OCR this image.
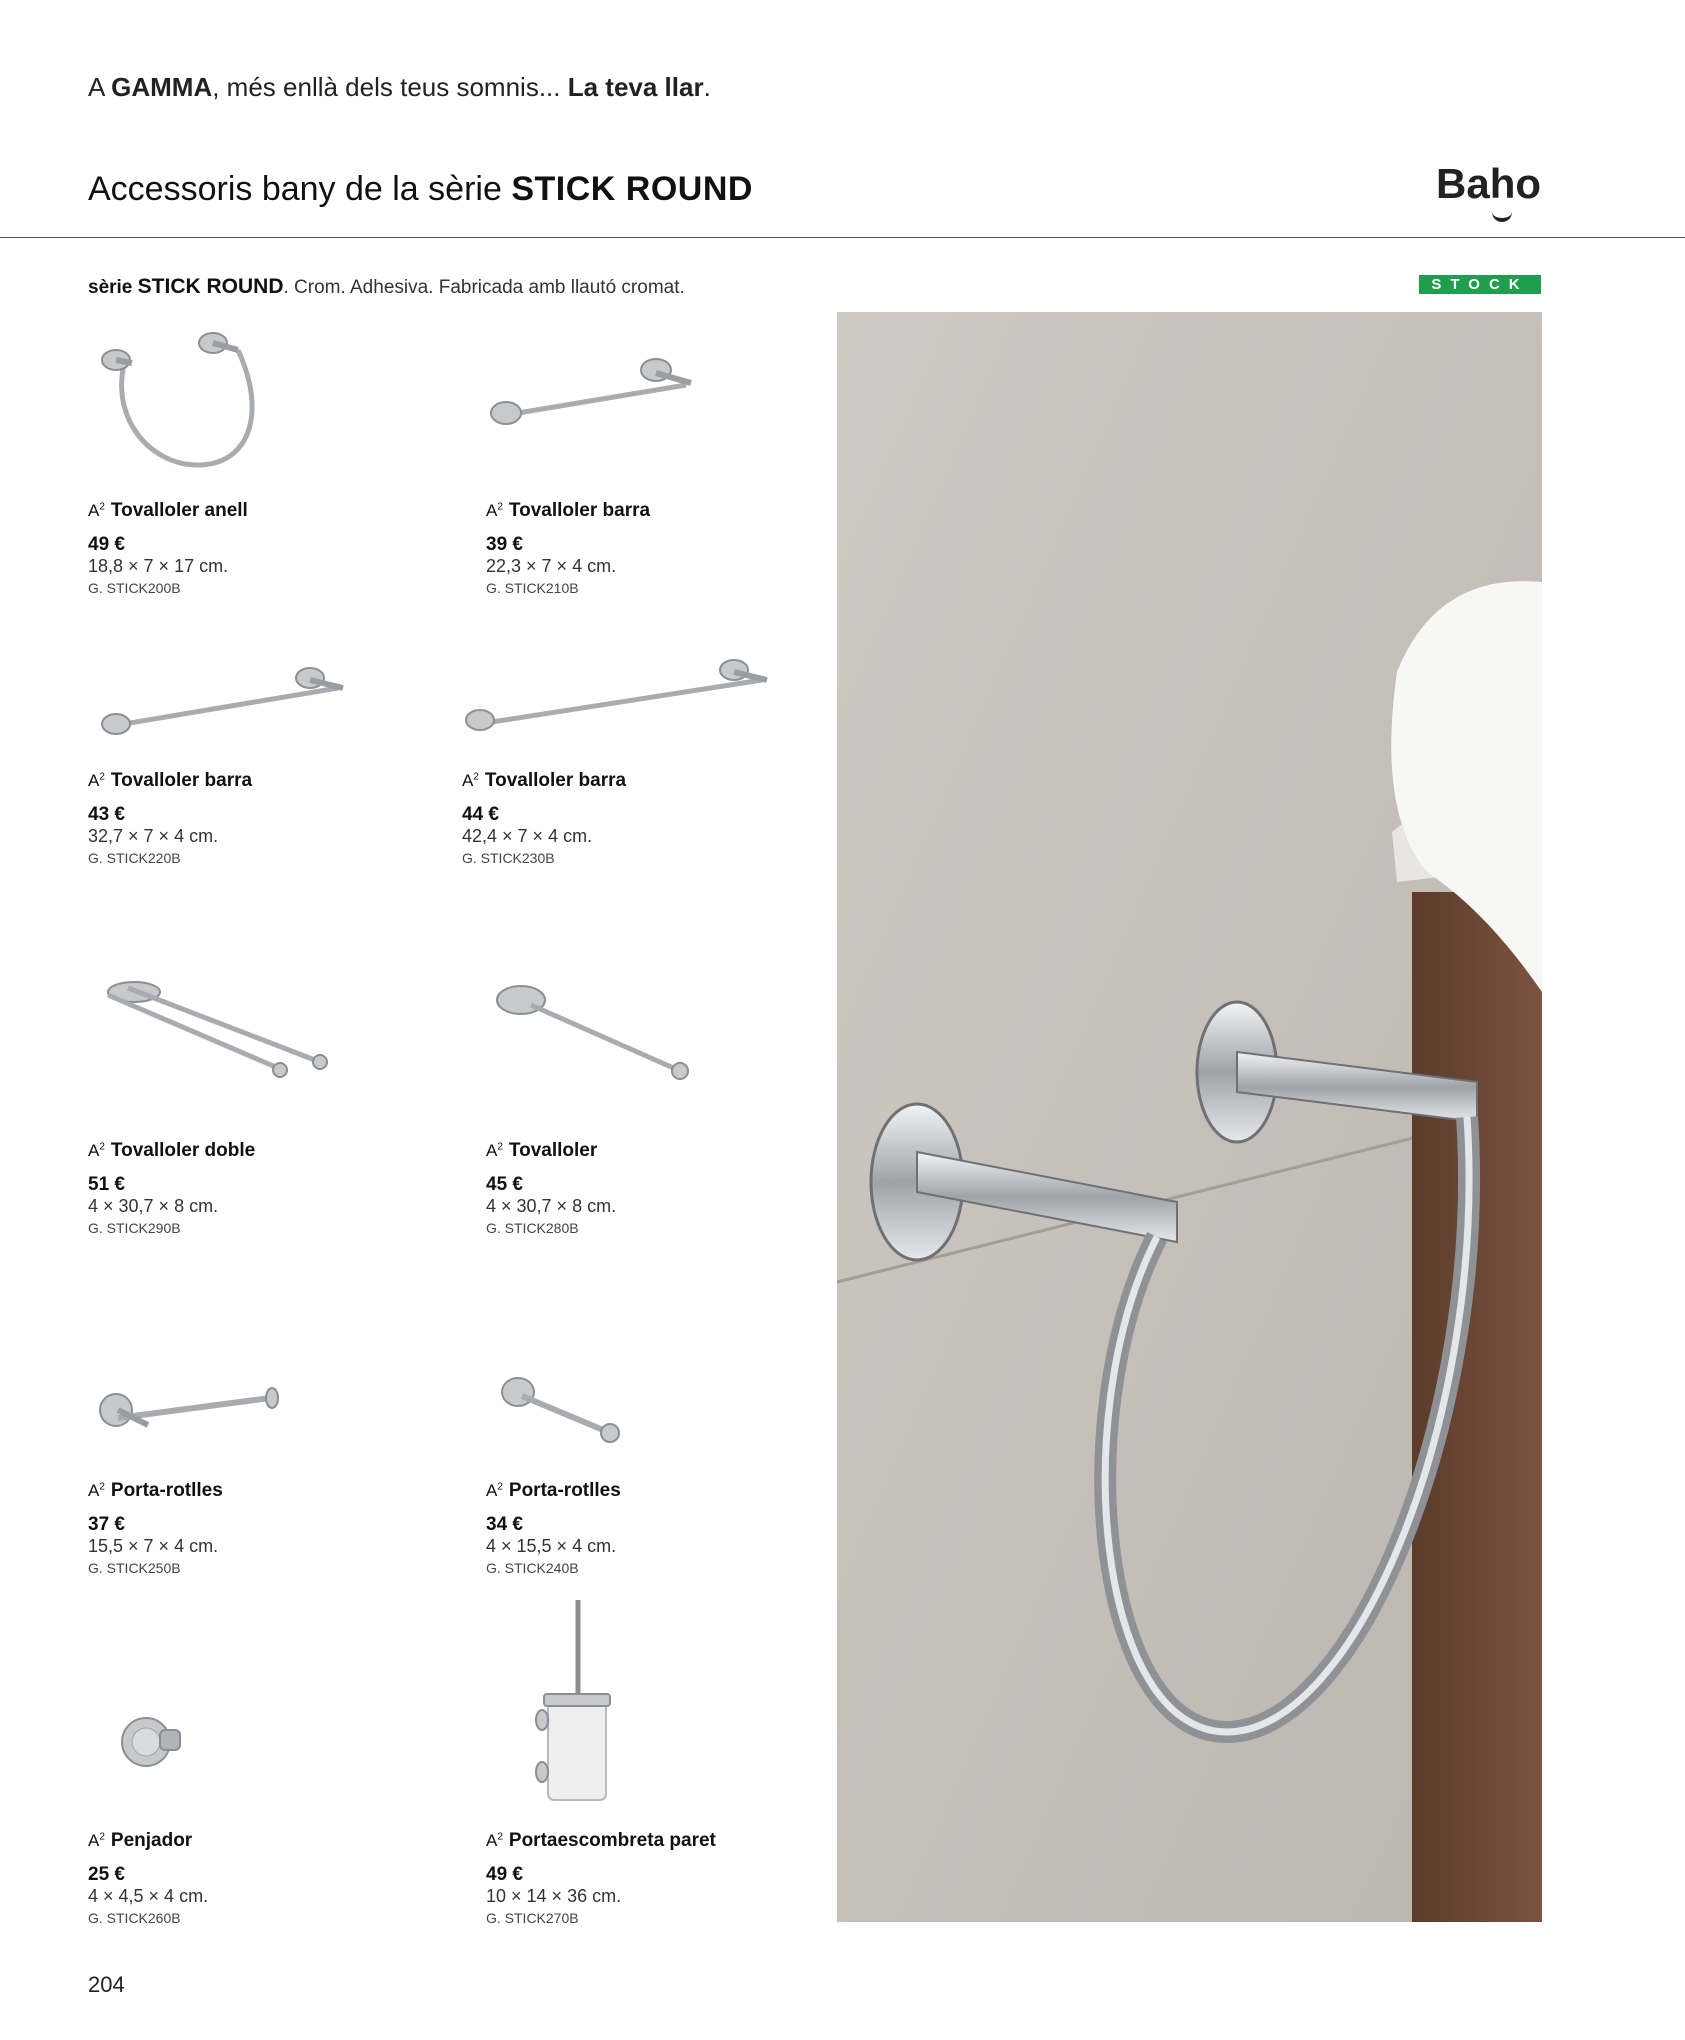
A GAMMA, més enllà dels teus somnis... La teva llar.
Accessoris bany de la sèrie STICK ROUND	Baho
sèrie STICK ROUND. Crom. Adhesiva. Fabricada amb llautó cromat.	STOCK
$A^2$ Tovalloler anell
49 €
18,8 × 7 × 17 cm.
G. STICK200B
$A^2$ Tovalloler barra
39 €
22,3 × 7 × 4 cm.
G. STICK210B
$A^2$ Tovalloler barra
43 €
32,7 × 7 × 4 cm.
G. STICK220B
$A^2$ Tovalloler barra
44 €
42,4 × 7 × 4 cm.
G. STICK230B
$A^2$ Tovalloler doble
51 €
4 × 30,7 × 8 cm.
G. STICK290B
$A^2$ Tovalloler
45 €
4 × 30,7 × 8 cm.
G. STICK280B
$A^2$ Porta-rotlles
37 €
15,5 × 7 × 4 cm.
G. STICK250B
$A^2$ Porta-rotlles
34 €
4 × 15,5 × 4 cm.
G. STICK240B
$A^2$ Penjador
25 €
4 × 4,5 × 4 cm.
G. STICK260B
$A^2$ Portaescombreta paret
49 €
10 × 14 × 36 cm.
G. STICK270B
204
